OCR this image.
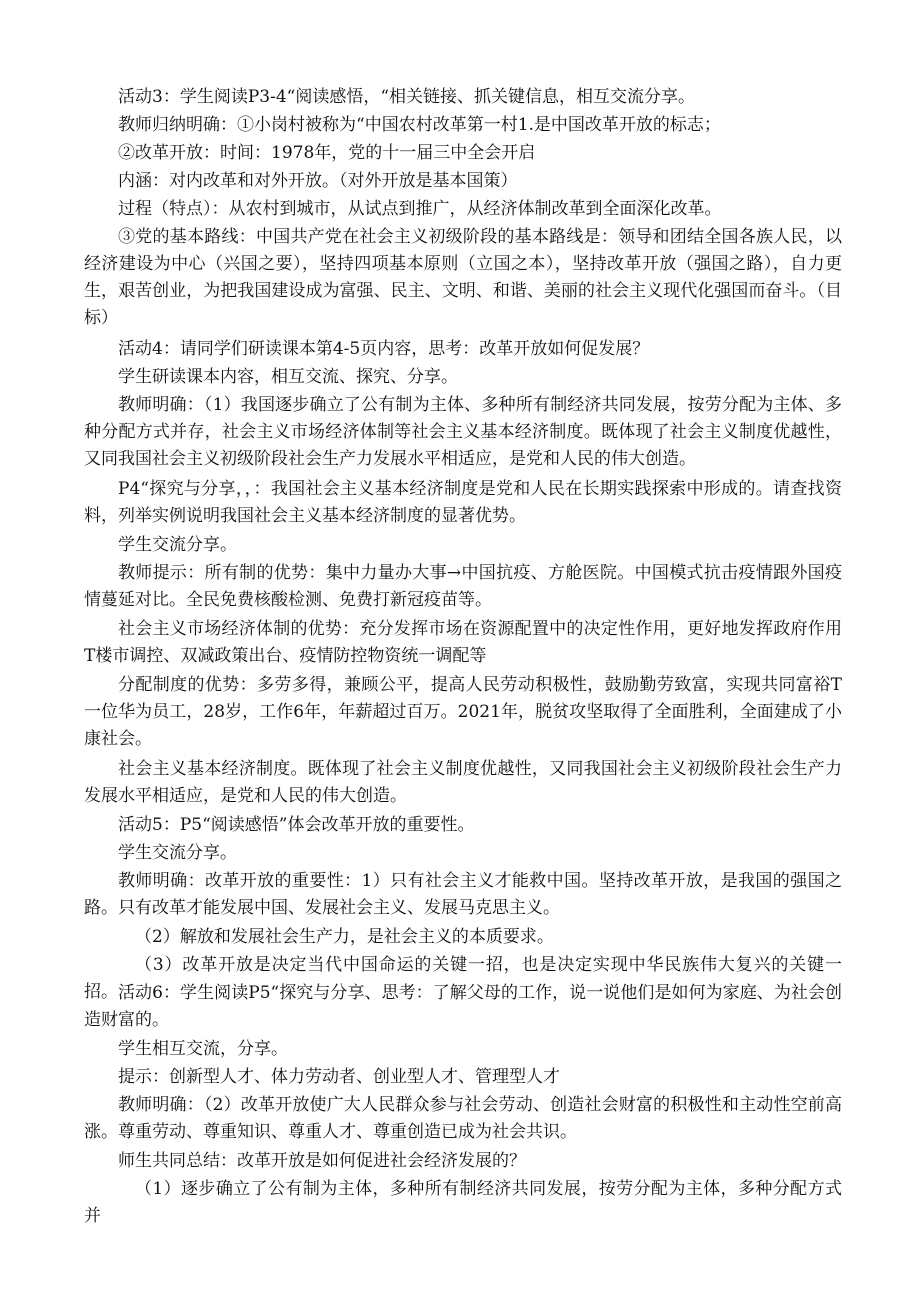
活动3：学生阅读P3-4“阅读感悟，“相关链接、抓关键信息，相互交流分享。

教师归纳明确：①小岗村被称为“中国农村改革第一村1.是中国改革开放的标志；

②改革开放：时间：1978年，党的十一届三中全会开启

内涵：对内改革和对外开放。（对外开放是基本国策）

过程（特点）：从农村到城市，从试点到推广，从经济体制改革到全面深化改革。

③党的基本路线：中国共产党在社会主义初级阶段的基本路线是：领导和团结全国各族人民，以经济建设为中心（兴国之要），坚持四项基本原则（立国之本），坚持改革开放（强国之路），自力更生，艰苦创业，为把我国建设成为富强、民主、文明、和谐、美丽的社会主义现代化强国而奋斗。（目标）

活动4：请同学们研读课本第4-5页内容，思考：改革开放如何促发展？

学生研读课本内容，相互交流、探究、分享。

教师明确：（1）我国逐步确立了公有制为主体、多种所有制经济共同发展，按劳分配为主体、多种分配方式并存，社会主义市场经济体制等社会主义基本经济制度。既体现了社会主义制度优越性，又同我国社会主义初级阶段社会生产力发展水平相适应，是党和人民的伟大创造。

P4“探究与分享，，：我国社会主义基本经济制度是党和人民在长期实践探索中形成的。请查找资料，列举实例说明我国社会主义基本经济制度的显著优势。

学生交流分享。

教师提示：所有制的优势：集中力量办大事→中国抗疫、方舱医院。中国模式抗击疫情跟外国疫情蔓延对比。全民免费核酸检测、免费打新冠疫苗等。

社会主义市场经济体制的优势：充分发挥市场在资源配置中的决定性作用，更好地发挥政府作用T楼市调控、双减政策出台、疫情防控物资统一调配等

分配制度的优势：多劳多得，兼顾公平，提高人民劳动积极性，鼓励勤劳致富，实现共同富裕T一位华为员工，28岁，工作6年，年薪超过百万。2021年，脱贫攻坚取得了全面胜利，全面建成了小康社会。

社会主义基本经济制度。既体现了社会主义制度优越性，又同我国社会主义初级阶段社会生产力发展水平相适应，是党和人民的伟大创造。

活动5：P5“阅读感悟”体会改革开放的重要性。

学生交流分享。

教师明确：改革开放的重要性：1）只有社会主义才能救中国。坚持改革开放，是我国的强国之路。只有改革才能发展中国、发展社会主义、发展马克思主义。

（2）解放和发展社会生产力，是社会主义的本质要求。

（3）改革开放是决定当代中国命运的关键一招，也是决定实现中华民族伟大复兴的关键一招。 活动6：学生阅读P5“探究与分享、思考：了解父母的工作，说一说他们是如何为家庭、为社会创造财富的。

学生相互交流，分享。

提示：创新型人才、体力劳动者、创业型人才、管理型人才

教师明确：（2）改革开放使广大人民群众参与社会劳动、创造社会财富的积极性和主动性空前高涨。尊重劳动、尊重知识、尊重人才、尊重创造已成为社会共识。

师生共同总结：改革开放是如何促进社会经济发展的？

（1）逐步确立了公有制为主体，多种所有制经济共同发展，按劳分配为主体，多种分配方式并
